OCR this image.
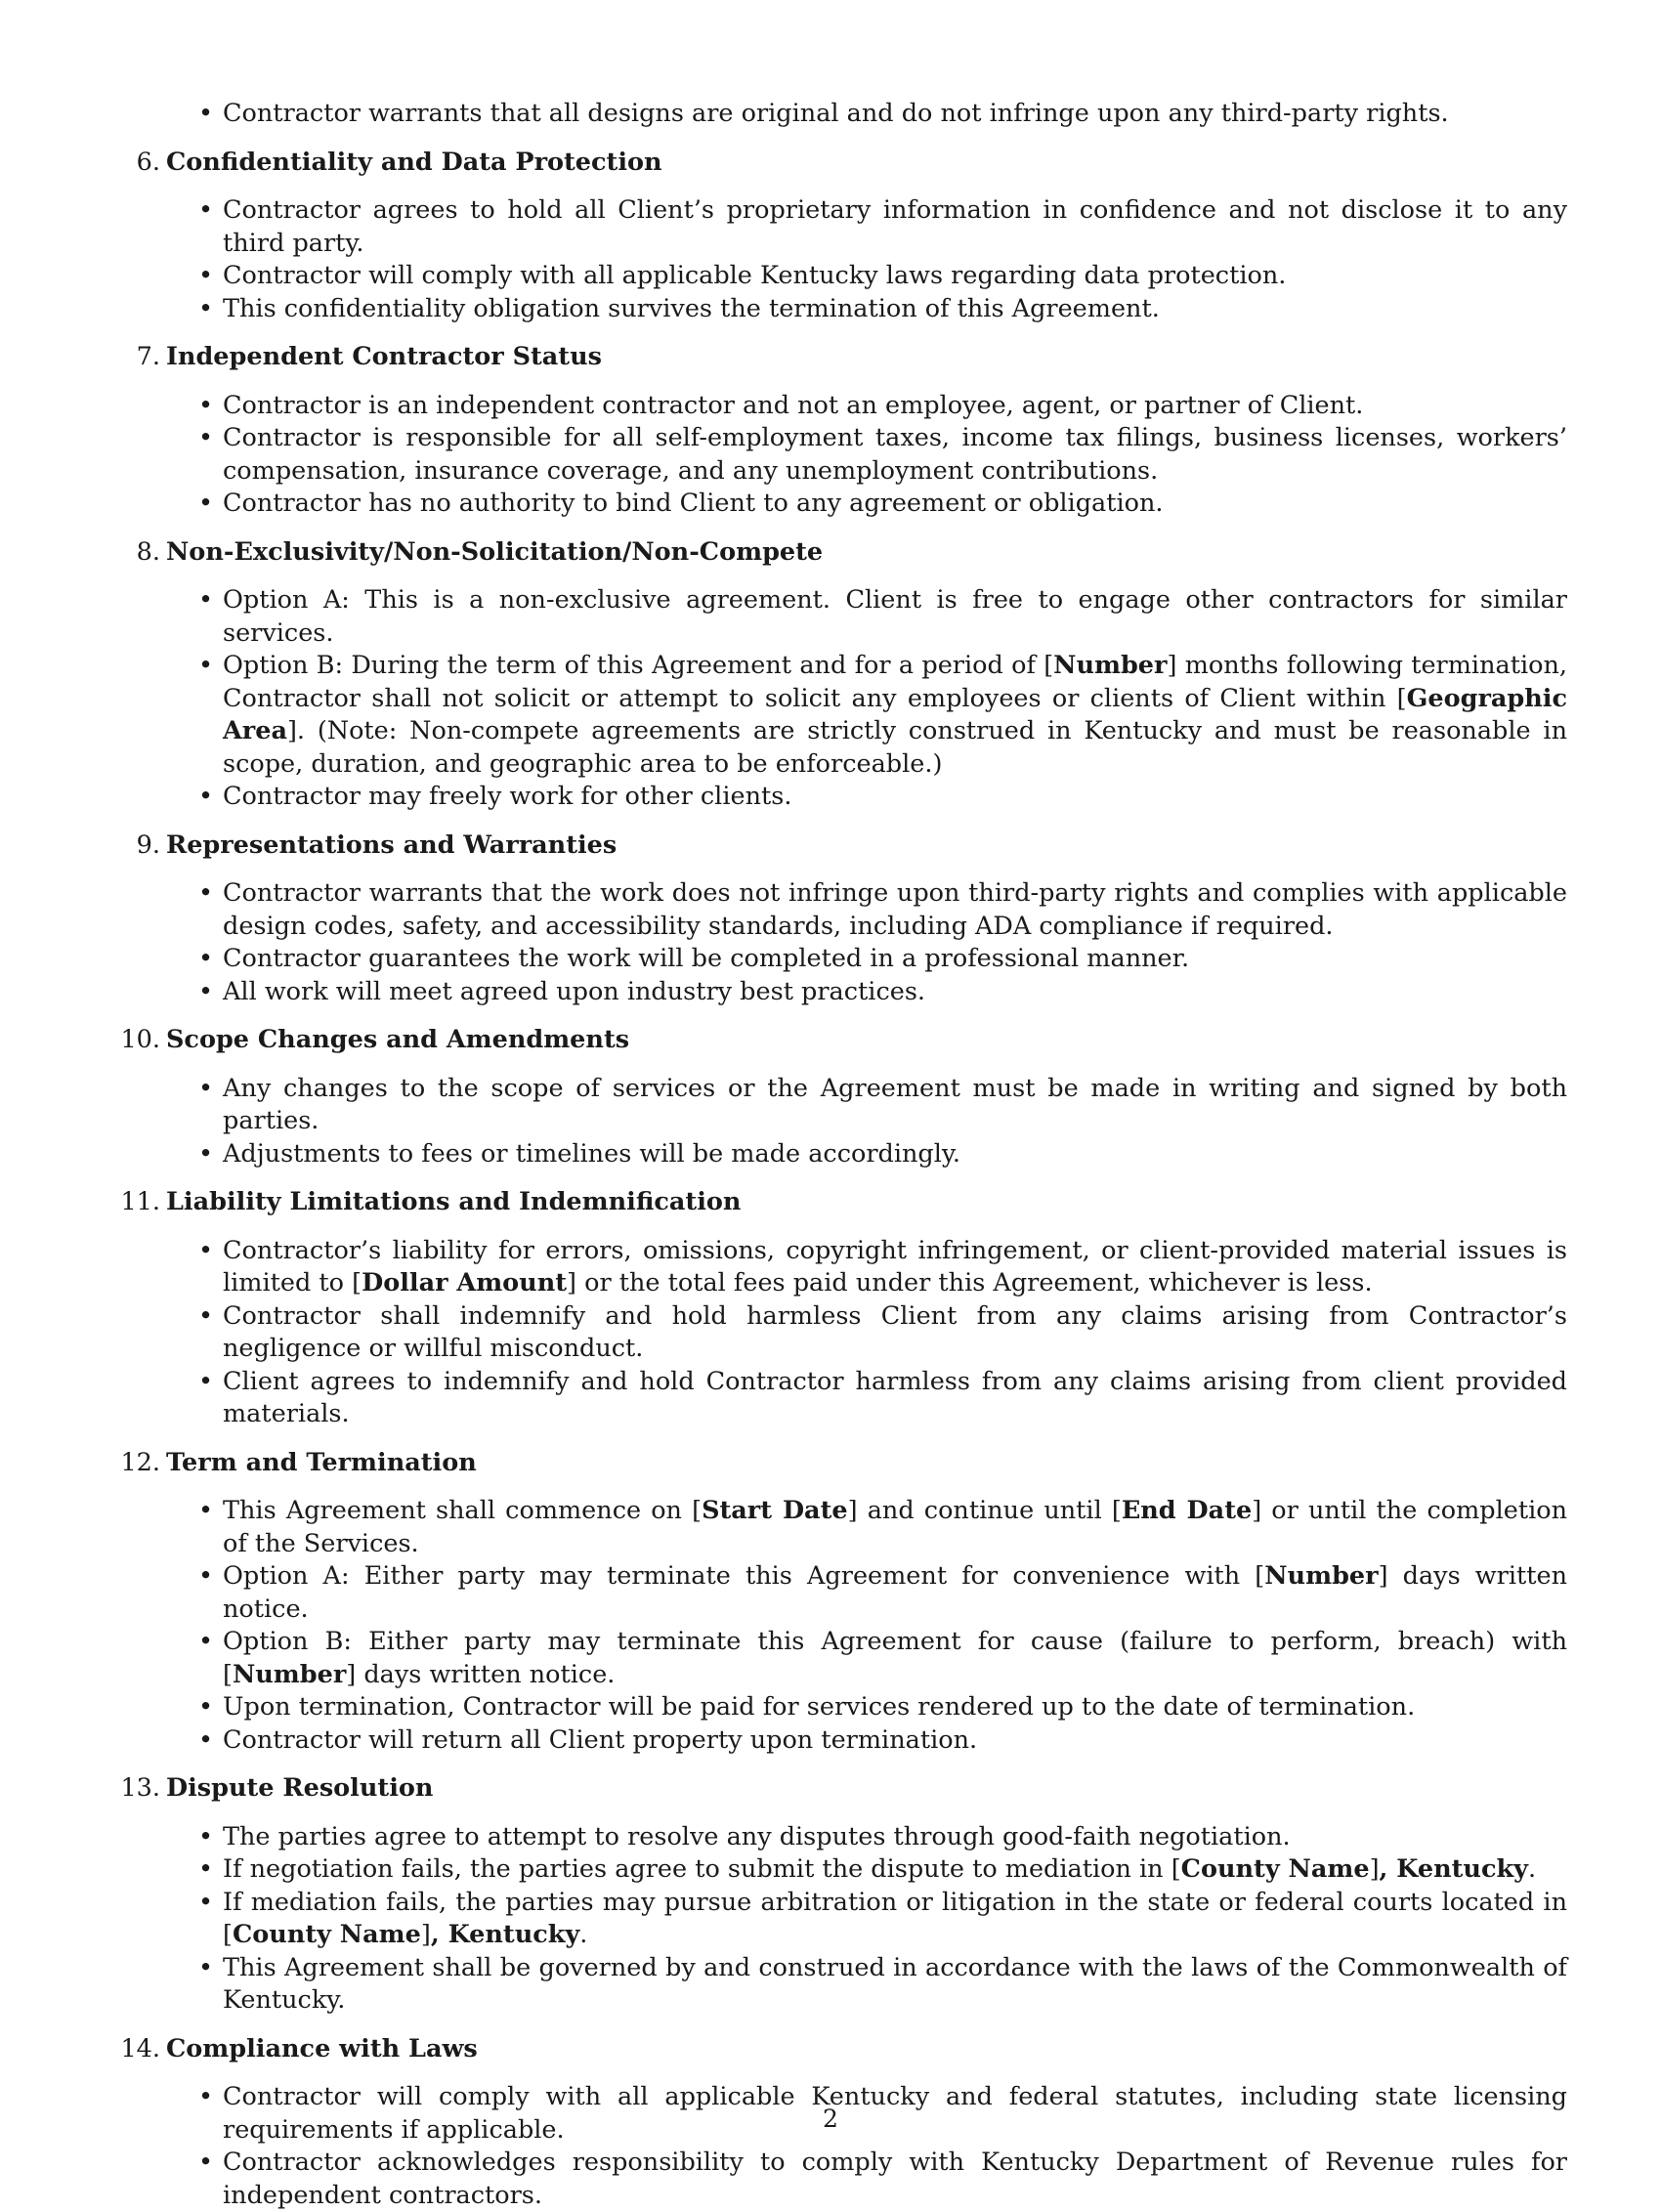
• Contractor warrants that all designs are original and do not infringe upon any third-party rights.
6. Confidentiality and Data Protection
• Contractor agrees to hold all Client’s proprietary information in confidence and not disclose it to any third party.
• Contractor will comply with all applicable Kentucky laws regarding data protection.
• This confidentiality obligation survives the termination of this Agreement.
7. Independent Contractor Status
• Contractor is an independent contractor and not an employee, agent, or partner of Client.
• Contractor is responsible for all self-employment taxes, income tax filings, business licenses, workers’ compensation, insurance coverage, and any unemployment contributions.
• Contractor has no authority to bind Client to any agreement or obligation.
8. Non-Exclusivity/Non-Solicitation/Non-Compete
• Option A: This is a non-exclusive agreement. Client is free to engage other contractors for similar services.
• Option B: During the term of this Agreement and for a period of [Number] months following termination, Contractor shall not solicit or attempt to solicit any employees or clients of Client within [Geographic Area]. (Note: Non-compete agreements are strictly construed in Kentucky and must be reasonable in scope, duration, and geographic area to be enforceable.)
• Contractor may freely work for other clients.
9. Representations and Warranties
• Contractor warrants that the work does not infringe upon third-party rights and complies with applicable design codes, safety, and accessibility standards, including ADA compliance if required.
• Contractor guarantees the work will be completed in a professional manner.
• All work will meet agreed upon industry best practices.
10. Scope Changes and Amendments
• Any changes to the scope of services or the Agreement must be made in writing and signed by both parties.
• Adjustments to fees or timelines will be made accordingly.
11. Liability Limitations and Indemnification
• Contractor’s liability for errors, omissions, copyright infringement, or client-provided material issues is limited to [Dollar Amount] or the total fees paid under this Agreement, whichever is less.
• Contractor shall indemnify and hold harmless Client from any claims arising from Contractor’s negligence or willful misconduct.
• Client agrees to indemnify and hold Contractor harmless from any claims arising from client provided materials.
12. Term and Termination
• This Agreement shall commence on [Start Date] and continue until [End Date] or until the completion of the Services.
• Option A: Either party may terminate this Agreement for convenience with [Number] days written notice.
• Option B: Either party may terminate this Agreement for cause (failure to perform, breach) with [Number] days written notice.
• Upon termination, Contractor will be paid for services rendered up to the date of termination.
• Contractor will return all Client property upon termination.
13. Dispute Resolution
• The parties agree to attempt to resolve any disputes through good-faith negotiation.
• If negotiation fails, the parties agree to submit the dispute to mediation in [County Name], Kentucky.
• If mediation fails, the parties may pursue arbitration or litigation in the state or federal courts located in [County Name], Kentucky.
• This Agreement shall be governed by and construed in accordance with the laws of the Commonwealth of Kentucky.
14. Compliance with Laws
• Contractor will comply with all applicable Kentucky and federal statutes, including state licensing requirements if applicable.
• Contractor acknowledges responsibility to comply with Kentucky Department of Revenue rules for independent contractors.
2
